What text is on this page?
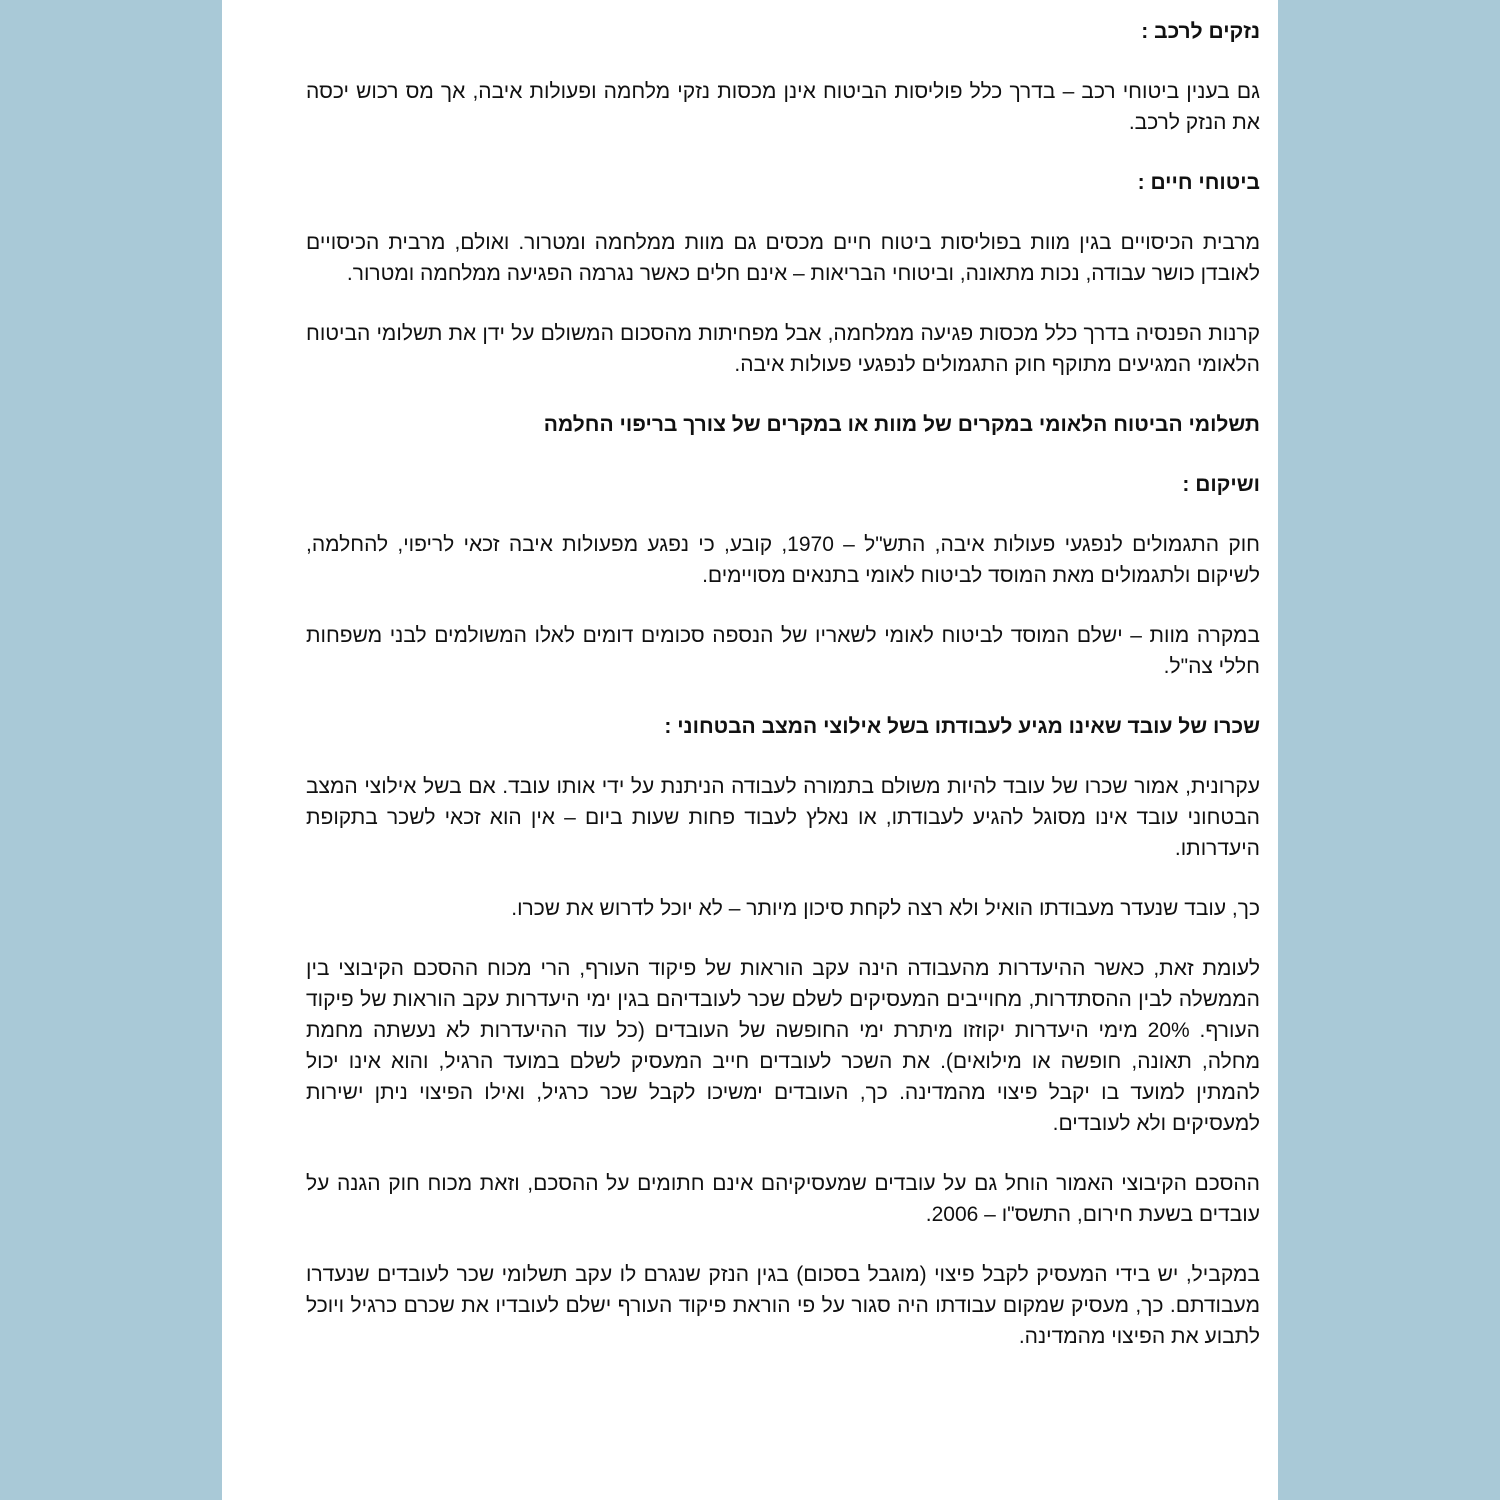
נזקים לרכב :

גם בענין ביטוחי רכב – בדרך כלל פוליסות הביטוח אינן מכסות נזקי מלחמה ופעולות איבה, אך מס רכוש יכסה את הנזק לרכב.

ביטוחי חיים :

מרבית הכיסויים בגין מוות בפוליסות ביטוח חיים מכסים גם מוות ממלחמה ומטרור. ואולם, מרבית הכיסויים לאובדן כושר עבודה, נכות מתאונה, וביטוחי הבריאות – אינם חלים כאשר נגרמה הפגיעה ממלחמה ומטרור.

קרנות הפנסיה בדרך כלל מכסות פגיעה ממלחמה, אבל מפחיתות מהסכום המשולם על ידן את תשלומי הביטוח הלאומי המגיעים מתוקף חוק התגמולים לנפגעי פעולות איבה.

תשלומי הביטוח הלאומי במקרים של מוות או במקרים של צורך בריפוי החלמה

ושיקום :

חוק התגמולים לנפגעי פעולות איבה, התש"ל – 1970, קובע, כי נפגע מפעולות איבה זכאי לריפוי, להחלמה, לשיקום ולתגמולים מאת המוסד לביטוח לאומי בתנאים מסויימים.

במקרה מוות – ישלם המוסד לביטוח לאומי לשאריו של הנספה סכומים דומים לאלו המשולמים לבני משפחות חללי צה"ל.

שכרו של עובד שאינו מגיע לעבודתו בשל אילוצי המצב הבטחוני :

עקרונית, אמור שכרו של עובד להיות משולם בתמורה לעבודה הניתנת על ידי אותו עובד. אם בשל אילוצי המצב הבטחוני עובד אינו מסוגל להגיע לעבודתו, או נאלץ לעבוד פחות שעות ביום – אין הוא זכאי לשכר בתקופת היעדרותו.

כך, עובד שנעדר מעבודתו הואיל ולא רצה לקחת סיכון מיותר – לא יוכל לדרוש את שכרו.

לעומת זאת, כאשר ההיעדרות מהעבודה הינה עקב הוראות של פיקוד העורף, הרי מכוח ההסכם הקיבוצי בין הממשלה לבין ההסתדרות, מחוייבים המעסיקים לשלם שכר לעובדיהם בגין ימי היעדרות עקב הוראות של פיקוד העורף. 20% מימי היעדרות יקוזזו מיתרת ימי החופשה של העובדים (כל עוד ההיעדרות לא נעשתה מחמת מחלה, תאונה, חופשה או מילואים). את השכר לעובדים חייב המעסיק לשלם במועד הרגיל, והוא אינו יכול להמתין למועד בו יקבל פיצוי מהמדינה. כך, העובדים ימשיכו לקבל שכר כרגיל, ואילו הפיצוי ניתן ישירות למעסיקים ולא לעובדים.

ההסכם הקיבוצי האמור הוחל גם על עובדים שמעסיקיהם אינם חתומים על ההסכם, וזאת מכוח חוק הגנה על עובדים בשעת חירום, התשס"ו – 2006.

במקביל, יש בידי המעסיק לקבל פיצוי (מוגבל בסכום) בגין הנזק שנגרם לו עקב תשלומי שכר לעובדים שנעדרו מעבודתם. כך, מעסיק שמקום עבודתו היה סגור על פי הוראת פיקוד העורף ישלם לעובדיו את שכרם כרגיל ויוכל לתבוע את הפיצוי מהמדינה.
